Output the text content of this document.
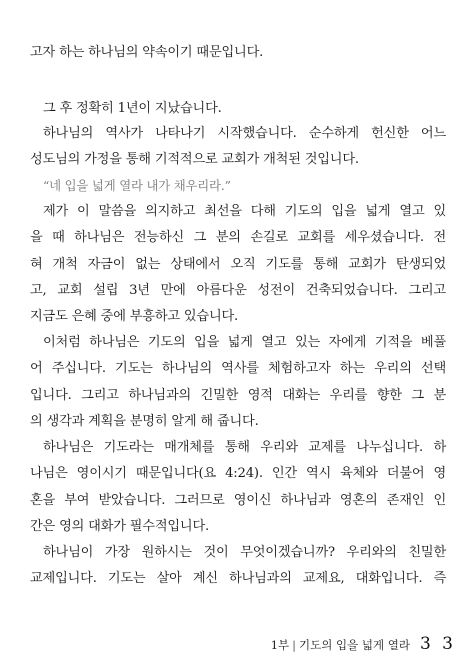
고자 하는 하나님의 약속이기 때문입니다.
그 후 정확히 1년이 지났습니다.
하나님의 역사가 나타나기 시작했습니다. 순수하게 헌신한 어느
성도님의 가정을 통해 기적적으로 교회가 개척된 것입니다.
“네 입을 넓게 열라 내가 채우리라.”
제가 이 말씀을 의지하고 최선을 다해 기도의 입을 넓게 열고 있
을 때 하나님은 전능하신 그 분의 손길로 교회를 세우셨습니다. 전
혀 개척 자금이 없는 상태에서 오직 기도를 통해 교회가 탄생되었
고, 교회 설립 3년 만에 아름다운 성전이 건축되었습니다. 그리고
지금도 은혜 중에 부흥하고 있습니다.
이처럼 하나님은 기도의 입을 넓게 열고 있는 자에게 기적을 베풀
어 주십니다. 기도는 하나님의 역사를 체험하고자 하는 우리의 선택
입니다. 그리고 하나님과의 긴밀한 영적 대화는 우리를 향한 그 분
의 생각과 계획을 분명히 알게 해 줍니다.
하나님은 기도라는 매개체를 통해 우리와 교제를 나누십니다. 하
나님은 영이시기 때문입니다(요 4:24). 인간 역시 육체와 더불어 영
혼을 부여 받았습니다. 그러므로 영이신 하나님과 영혼의 존재인 인
간은 영의 대화가 필수적입니다.
하나님이 가장 원하시는 것이 무엇이겠습니까? 우리와의 친밀한
교제입니다. 기도는 살아 계신 하나님과의 교제요, 대화입니다. 즉
1부 | 기도의 입을 넓게 열라 3 3
